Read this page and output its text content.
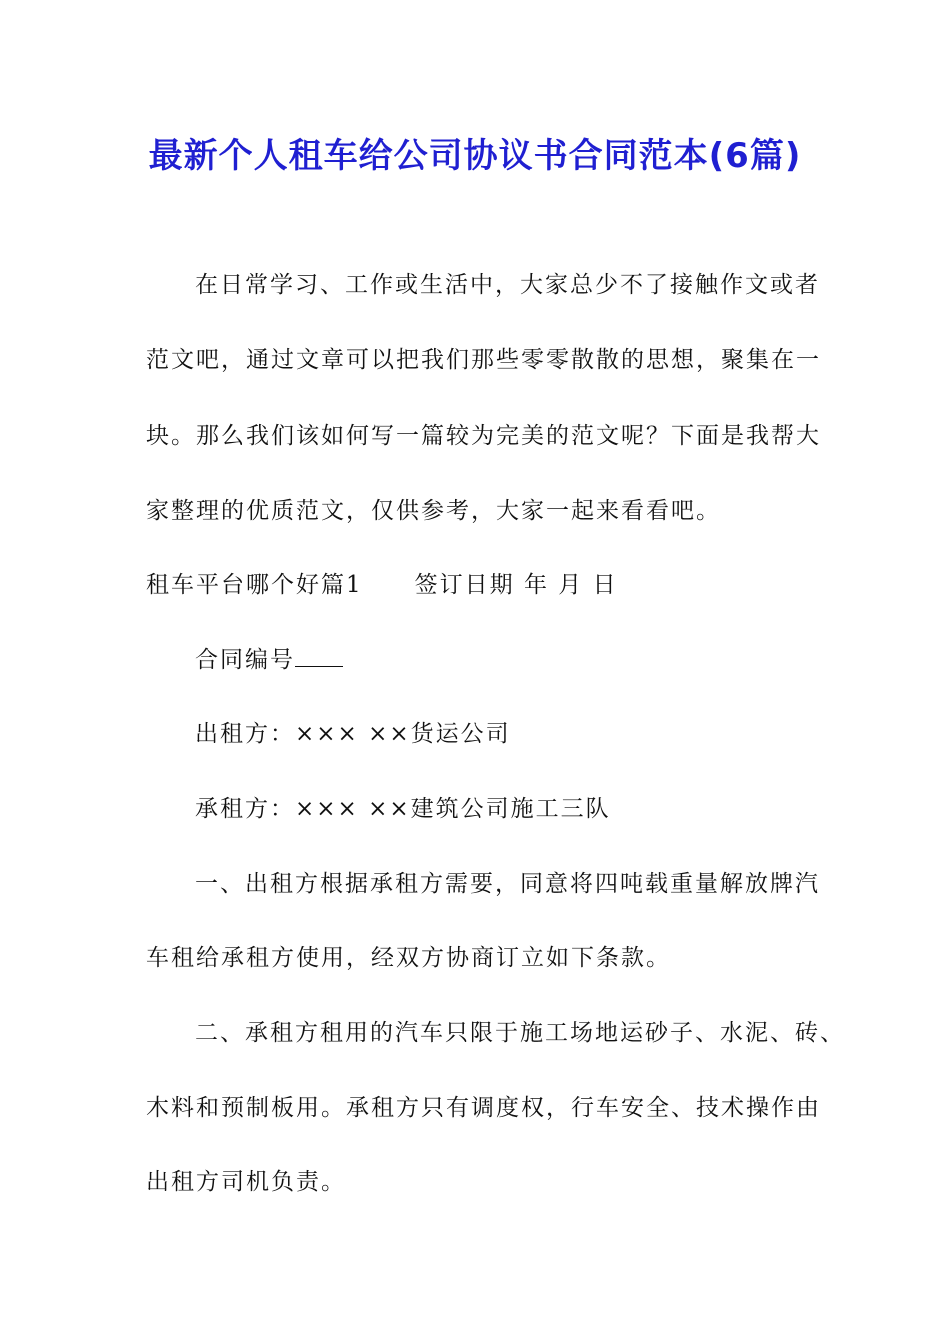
最新个人租车给公司协议书合同范本(6篇)
在日常学习、工作或生活中，大家总少不了接触作文或者
范文吧，通过文章可以把我们那些零零散散的思想，聚集在一
块。那么我们该如何写一篇较为完美的范文呢？下面是我帮大
家整理的优质范文，仅供参考，大家一起来看看吧。
租车平台哪个好篇1 签订日期 年 月 日
合同编号
出租方：××× ××货运公司
承租方：××× ××建筑公司施工三队
一、出租方根据承租方需要，同意将四吨载重量解放牌汽
车租给承租方使用，经双方协商订立如下条款。
二、承租方租用的汽车只限于施工场地运砂子、水泥、砖、
木料和预制板用。承租方只有调度权，行车安全、技术操作由
出租方司机负责。
